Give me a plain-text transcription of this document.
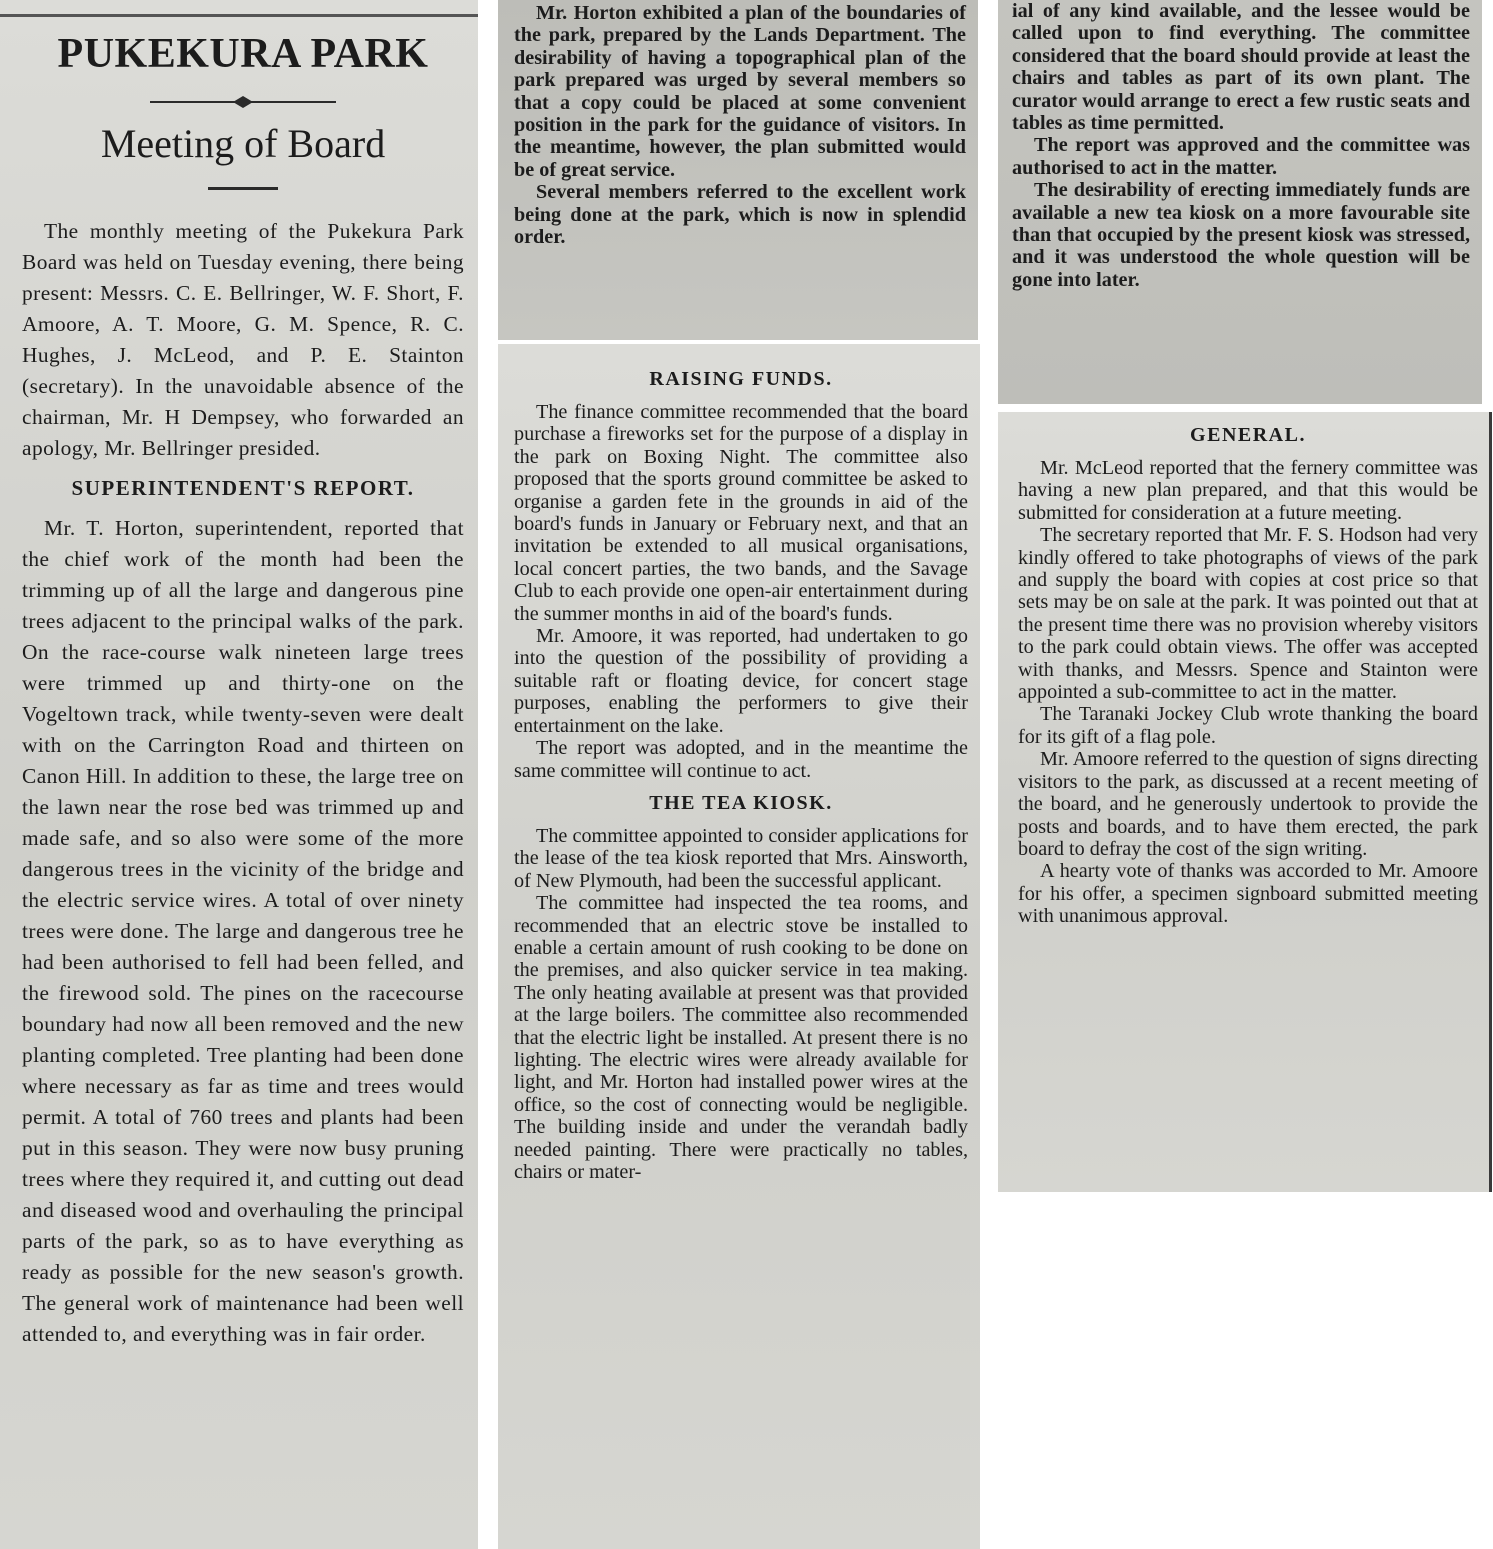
PUKEKURA PARK
Meeting of Board

The monthly meeting of the Pukekura Park Board was held on Tuesday evening, there being present: Messrs. C. E. Bellringer, W. F. Short, F. Amoore, A. T. Moore, G. M. Spence, R. C. Hughes, J. McLeod, and P. E. Stainton (secretary). In the unavoidable absence of the chairman, Mr. H Dempsey, who forwarded an apology, Mr. Bellringer presided.

SUPERINTENDENT'S REPORT.

Mr. T. Horton, superintendent, reported that the chief work of the month had been the trimming up of all the large and dangerous pine trees adjacent to the principal walks of the park. On the race-course walk nineteen large trees were trimmed up and thirty-one on the Vogeltown track, while twenty-seven were dealt with on the Carrington Road and thirteen on Canon Hill. In addition to these, the large tree on the lawn near the rose bed was trimmed up and made safe, and so also were some of the more dangerous trees in the vicinity of the bridge and the electric service wires. A total of over ninety trees were done. The large and dangerous tree he had been authorised to fell had been felled, and the firewood sold. The pines on the racecourse boundary had now all been removed and the new planting completed. Tree planting had been done where necessary as far as time and trees would permit. A total of 760 trees and plants had been put in this season. They were now busy pruning trees where they required it, and cutting out dead and diseased wood and overhauling the principal parts of the park, so as to have everything as ready as possible for the new season's growth. The general work of maintenance had been well attended to, and everything was in fair order.

Mr. Horton exhibited a plan of the boundaries of the park, prepared by the Lands Department. The desirability of having a topographical plan of the park prepared was urged by several members so that a copy could be placed at some convenient position in the park for the guidance of visitors. In the meantime, however, the plan submitted would be of great service.

Several members referred to the excellent work being done at the park, which is now in splendid order.

RAISING FUNDS.

The finance committee recommended that the board purchase a fireworks set for the purpose of a display in the park on Boxing Night. The committee also proposed that the sports ground committee be asked to organise a garden fete in the grounds in aid of the board's funds in January or February next, and that an invitation be extended to all musical organisations, local concert parties, the two bands, and the Savage Club to each provide one open-air entertainment during the summer months in aid of the board's funds.

Mr. Amoore, it was reported, had undertaken to go into the question of the possibility of providing a suitable raft or floating device, for concert stage purposes, enabling the performers to give their entertainment on the lake.

The report was adopted, and in the meantime the same committee will continue to act.

THE TEA KIOSK.

The committee appointed to consider applications for the lease of the tea kiosk reported that Mrs. Ainsworth, of New Plymouth, had been the successful applicant.

The committee had inspected the tea rooms, and recommended that an electric stove be installed to enable a certain amount of rush cooking to be done on the premises, and also quicker service in tea making. The only heating available at present was that provided at the large boilers. The committee also recommended that the electric light be installed. At present there is no lighting. The electric wires were already available for light, and Mr. Horton had installed power wires at the office, so the cost of connecting would be negligible. The building inside and under the verandah badly needed painting. There were practically no tables, chairs or mater-

ial of any kind available, and the lessee would be called upon to find everything. The committee considered that the board should provide at least the chairs and tables as part of its own plant. The curator would arrange to erect a few rustic seats and tables as time permitted.

The report was approved and the committee was authorised to act in the matter.

The desirability of erecting immediately funds are available a new tea kiosk on a more favourable site than that occupied by the present kiosk was stressed, and it was understood the whole question will be gone into later.

GENERAL.

Mr. McLeod reported that the fernery committee was having a new plan prepared, and that this would be submitted for consideration at a future meeting.

The secretary reported that Mr. F. S. Hodson had very kindly offered to take photographs of views of the park and supply the board with copies at cost price so that sets may be on sale at the park. It was pointed out that at the present time there was no provision whereby visitors to the park could obtain views. The offer was accepted with thanks, and Messrs. Spence and Stainton were appointed a sub-committee to act in the matter.

The Taranaki Jockey Club wrote thanking the board for its gift of a flag pole.

Mr. Amoore referred to the question of signs directing visitors to the park, as discussed at a recent meeting of the board, and he generously undertook to provide the posts and boards, and to have them erected, the park board to defray the cost of the sign writing.

A hearty vote of thanks was accorded to Mr. Amoore for his offer, a specimen signboard submitted meeting with unanimous approval.
